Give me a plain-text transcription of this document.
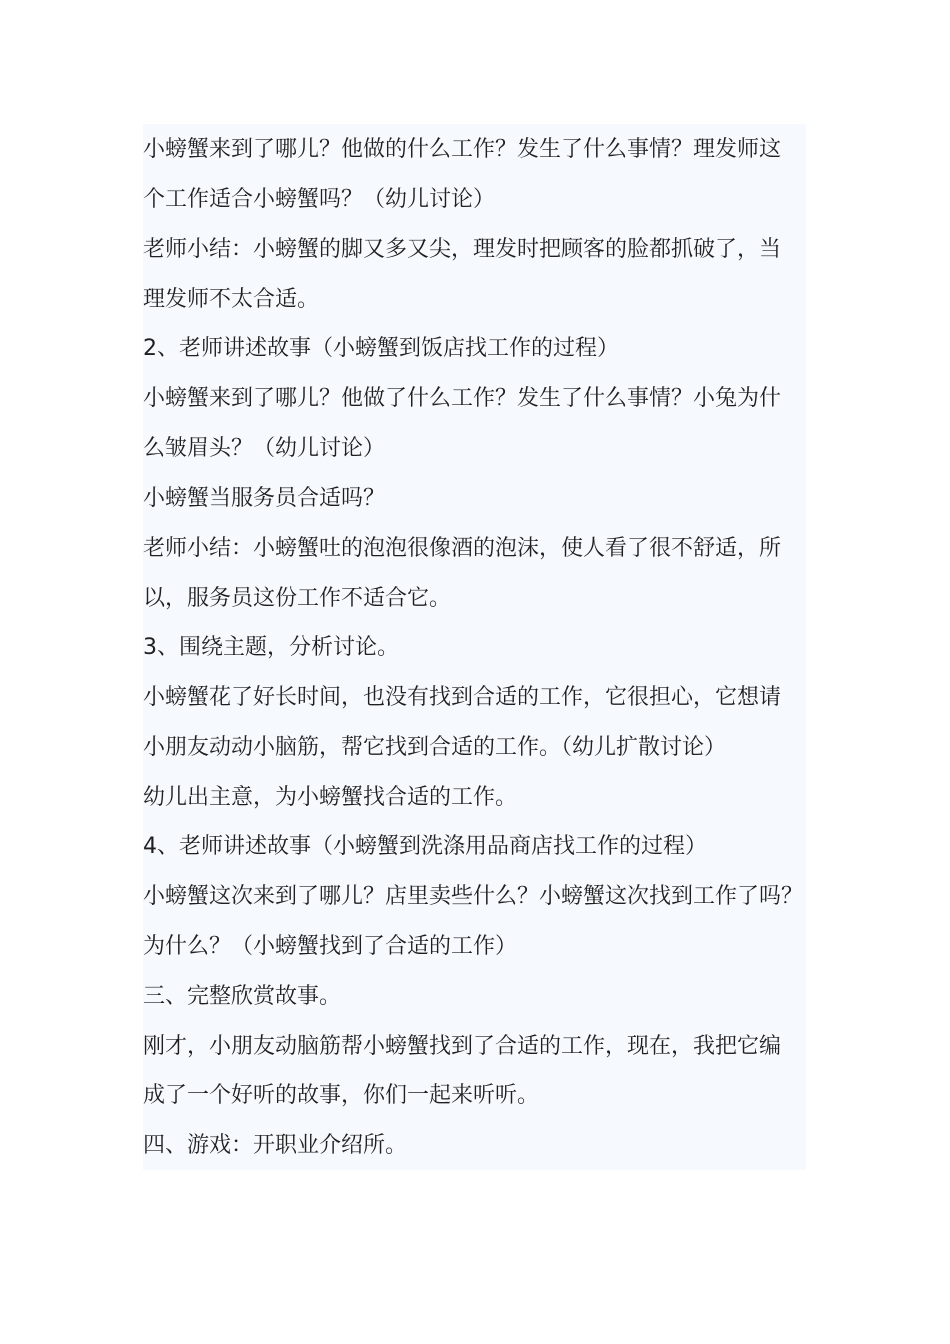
小螃蟹来到了哪儿？他做的什么工作？发生了什么事情？理发师这
个工作适合小螃蟹吗？（幼儿讨论）
老师小结：小螃蟹的脚又多又尖，理发时把顾客的脸都抓破了，当
理发师不太合适。
2、老师讲述故事（小螃蟹到饭店找工作的过程）
小螃蟹来到了哪儿？他做了什么工作？发生了什么事情？小兔为什
么皱眉头？（幼儿讨论）
小螃蟹当服务员合适吗？
老师小结：小螃蟹吐的泡泡很像酒的泡沫，使人看了很不舒适，所
以，服务员这份工作不适合它。
3、围绕主题，分析讨论。
小螃蟹花了好长时间，也没有找到合适的工作，它很担心，它想请
小朋友动动小脑筋，帮它找到合适的工作。（幼儿扩散讨论）
幼儿出主意，为小螃蟹找合适的工作。
4、老师讲述故事（小螃蟹到洗涤用品商店找工作的过程）
小螃蟹这次来到了哪儿？店里卖些什么？小螃蟹这次找到工作了吗？
为什么？（小螃蟹找到了合适的工作）
三、完整欣赏故事。
刚才，小朋友动脑筋帮小螃蟹找到了合适的工作，现在，我把它编
成了一个好听的故事，你们一起来听听。
四、游戏：开职业介绍所。
